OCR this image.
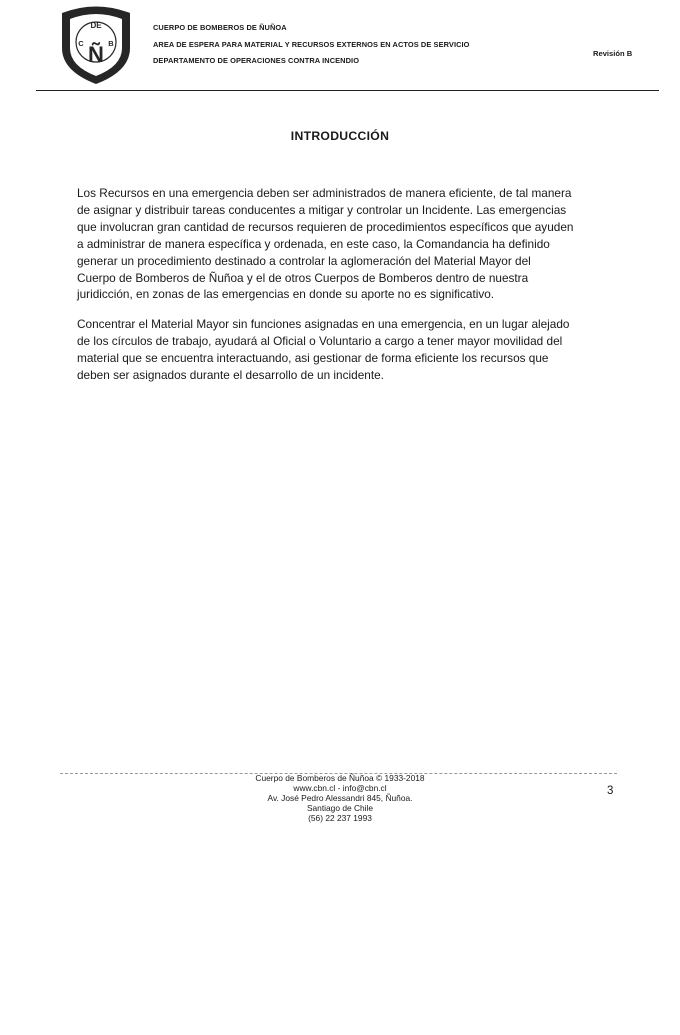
DE
C	B
Ñ
CUERPO DE BOMBEROS DE ÑUÑOA
AREA DE ESPERA PARA MATERIAL Y RECURSOS EXTERNOS EN ACTOS DE SERVICIO
DEPARTAMENTO DE OPERACIONES CONTRA INCENDIO
Revisión B
INTRODUCCIÓN
Los Recursos en una emergencia deben ser administrados de manera eficiente, de tal manera
de asignar y distribuir tareas conducentes a mitigar y controlar un Incidente. Las emergencias
que involucran gran cantidad de recursos requieren de procedimientos específicos que ayuden
a administrar de manera específica y ordenada, en este caso, la Comandancia ha definido
generar un procedimiento destinado a controlar la aglomeración del Material Mayor del
Cuerpo de Bomberos de Ñuñoa y el de otros Cuerpos de Bomberos dentro de nuestra
juridicción, en zonas de las emergencias en donde su aporte no es significativo.
Concentrar el Material Mayor sin funciones asignadas en una emergencia, en un lugar alejado
de los círculos de trabajo, ayudará al Oficial o Voluntario a cargo a tener mayor movilidad del
material que se encuentra interactuando, asi gestionar de forma eficiente los recursos que
deben ser asignados durante el desarrollo de un incidente.
Cuerpo de Bomberos de Ñuñoa © 1933-2018
www.cbn.cl - info@cbn.cl
Av. José Pedro Alessandri 845, Ñuñoa.
Santiago de Chile
(56) 22 237 1993
3
